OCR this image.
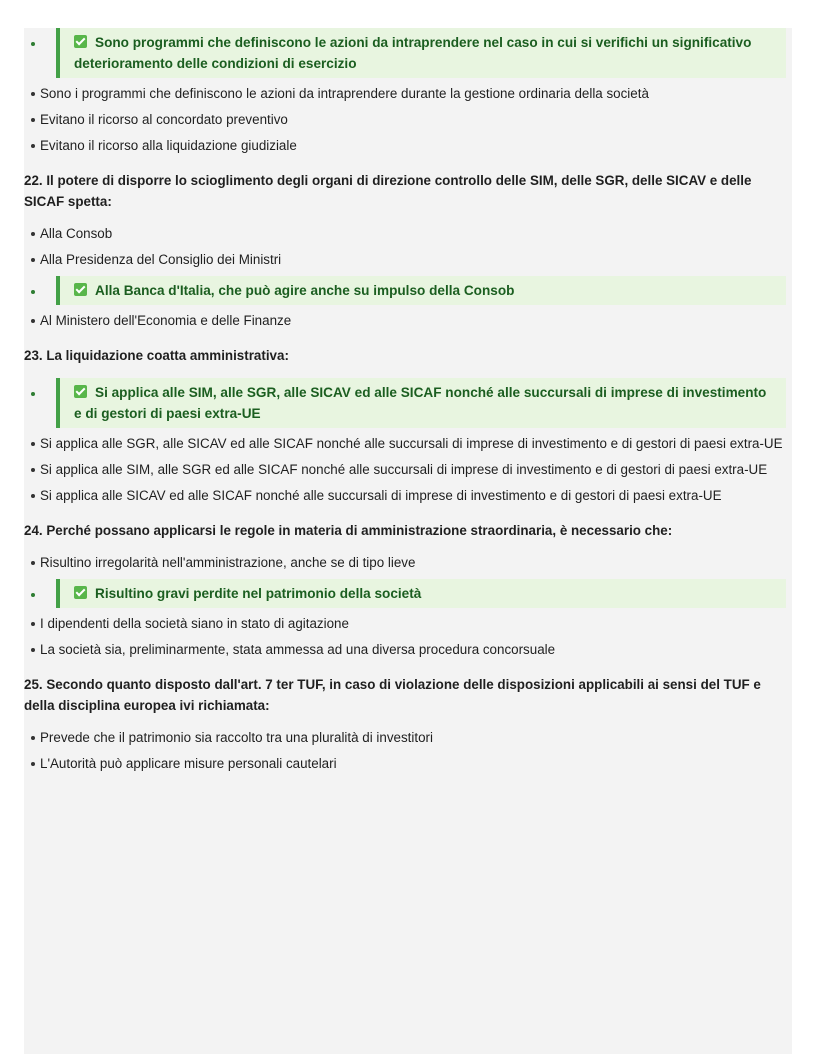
Sono programmi che definiscono le azioni da intraprendere nel caso in cui si verifichi un significativo deterioramento delle condizioni di esercizio
Sono i programmi che definiscono le azioni da intraprendere durante la gestione ordinaria della società
Evitano il ricorso al concordato preventivo
Evitano il ricorso alla liquidazione giudiziale
22. Il potere di disporre lo scioglimento degli organi di direzione controllo delle SIM, delle SGR, delle SICAV e delle SICAF spetta:
Alla Consob
Alla Presidenza del Consiglio dei Ministri
Alla Banca d'Italia, che può agire anche su impulso della Consob
Al Ministero dell'Economia e delle Finanze
23. La liquidazione coatta amministrativa:
Si applica alle SIM, alle SGR, alle SICAV ed alle SICAF nonché alle succursali di imprese di investimento e di gestori di paesi extra-UE
Si applica alle SGR, alle SICAV ed alle SICAF nonché alle succursali di imprese di investimento e di gestori di paesi extra-UE
Si applica alle SIM, alle SGR ed alle SICAF nonché alle succursali di imprese di investimento e di gestori di paesi extra-UE
Si applica alle SICAV ed alle SICAF nonché alle succursali di imprese di investimento e di gestori di paesi extra-UE
24. Perché possano applicarsi le regole in materia di amministrazione straordinaria, è necessario che:
Risultino irregolarità nell'amministrazione, anche se di tipo lieve
Risultino gravi perdite nel patrimonio della società
I dipendenti della società siano in stato di agitazione
La società sia, preliminarmente, stata ammessa ad una diversa procedura concorsuale
25. Secondo quanto disposto dall'art. 7 ter TUF, in caso di violazione delle disposizioni applicabili ai sensi del TUF e della disciplina europea ivi richiamata:
Prevede che il patrimonio sia raccolto tra una pluralità di investitori
L'Autorità può applicare misure personali cautelari
